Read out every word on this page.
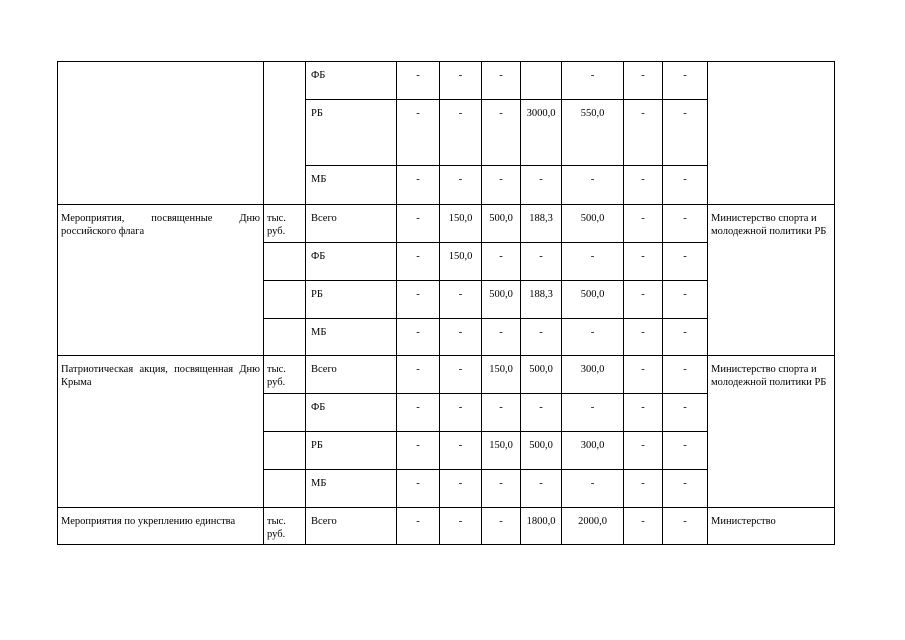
		ФБ	-	-	-		-	-	-	
		РБ	-	-	-	3000,0	550,0	-	-	
		МБ	-	-	-	-	-	-	-	
Мероприятия, посвященные Дню российского флага	тыс. руб.	Всего	-	150,0	500,0	188,3	500,0	-	-	Министерство спорта и молодежной политики РБ
		ФБ	-	150,0	-	-	-	-	-	
		РБ	-	-	500,0	188,3	500,0	-	-	
		МБ	-	-	-	-	-	-	-	
Патриотическая акция, посвященная Дню Крыма	тыс. руб.	Всего	-	-	150,0	500,0	300,0	-	-	Министерство спорта и молодежной политики РБ
		ФБ	-	-	-	-	-	-	-	
		РБ	-	-	150,0	500,0	300,0	-	-	
		МБ	-	-	-	-	-	-	-	
Мероприятия по укреплению единства	тыс. руб.	Всего	-	-	-	1800,0	2000,0	-	-	Министерство
